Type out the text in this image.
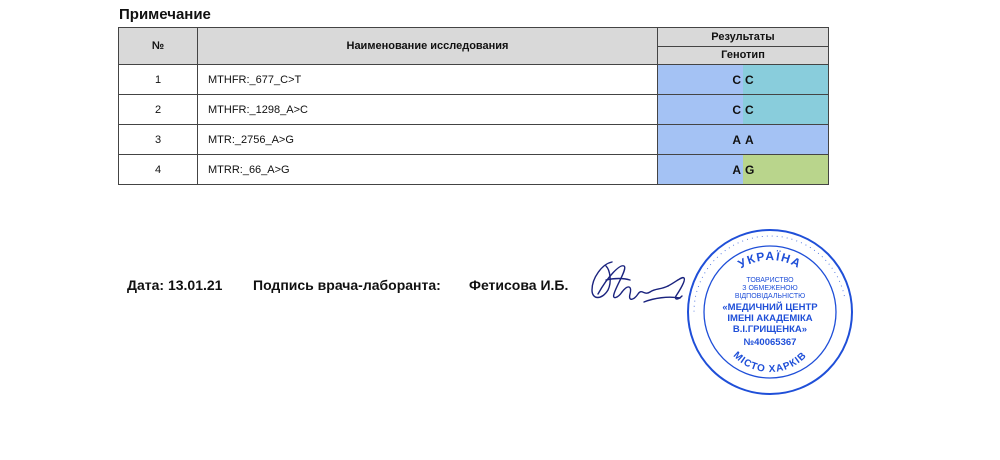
Примечание
№	Наименование исследования	Результаты
		Генотип
1	MTHFR:_677_C>T	C C

2	MTHFR:_1298_A>C	C C

3	MTR:_2756_A>G	A A

4	MTRR:_66_A>G	A G
Дата: 13.01.21 Подпись врача-лаборанта: Фетисова И.Б.
· · · · · · · · · · · · · · · · · · · · · · · · · · · · · · · · · · · · · · · · · · · · ·
УКРАЇНА
МІСТО ХАРКІВ
ТОВАРИСТВО
З ОБМЕЖЕНОЮ
ВІДПОВІДАЛЬНІСТЮ
«МЕДИЧНИЙ ЦЕНТР
ІМЕНІ АКАДЕМІКА
В.І.ГРИЩЕНКА»
№40065367
